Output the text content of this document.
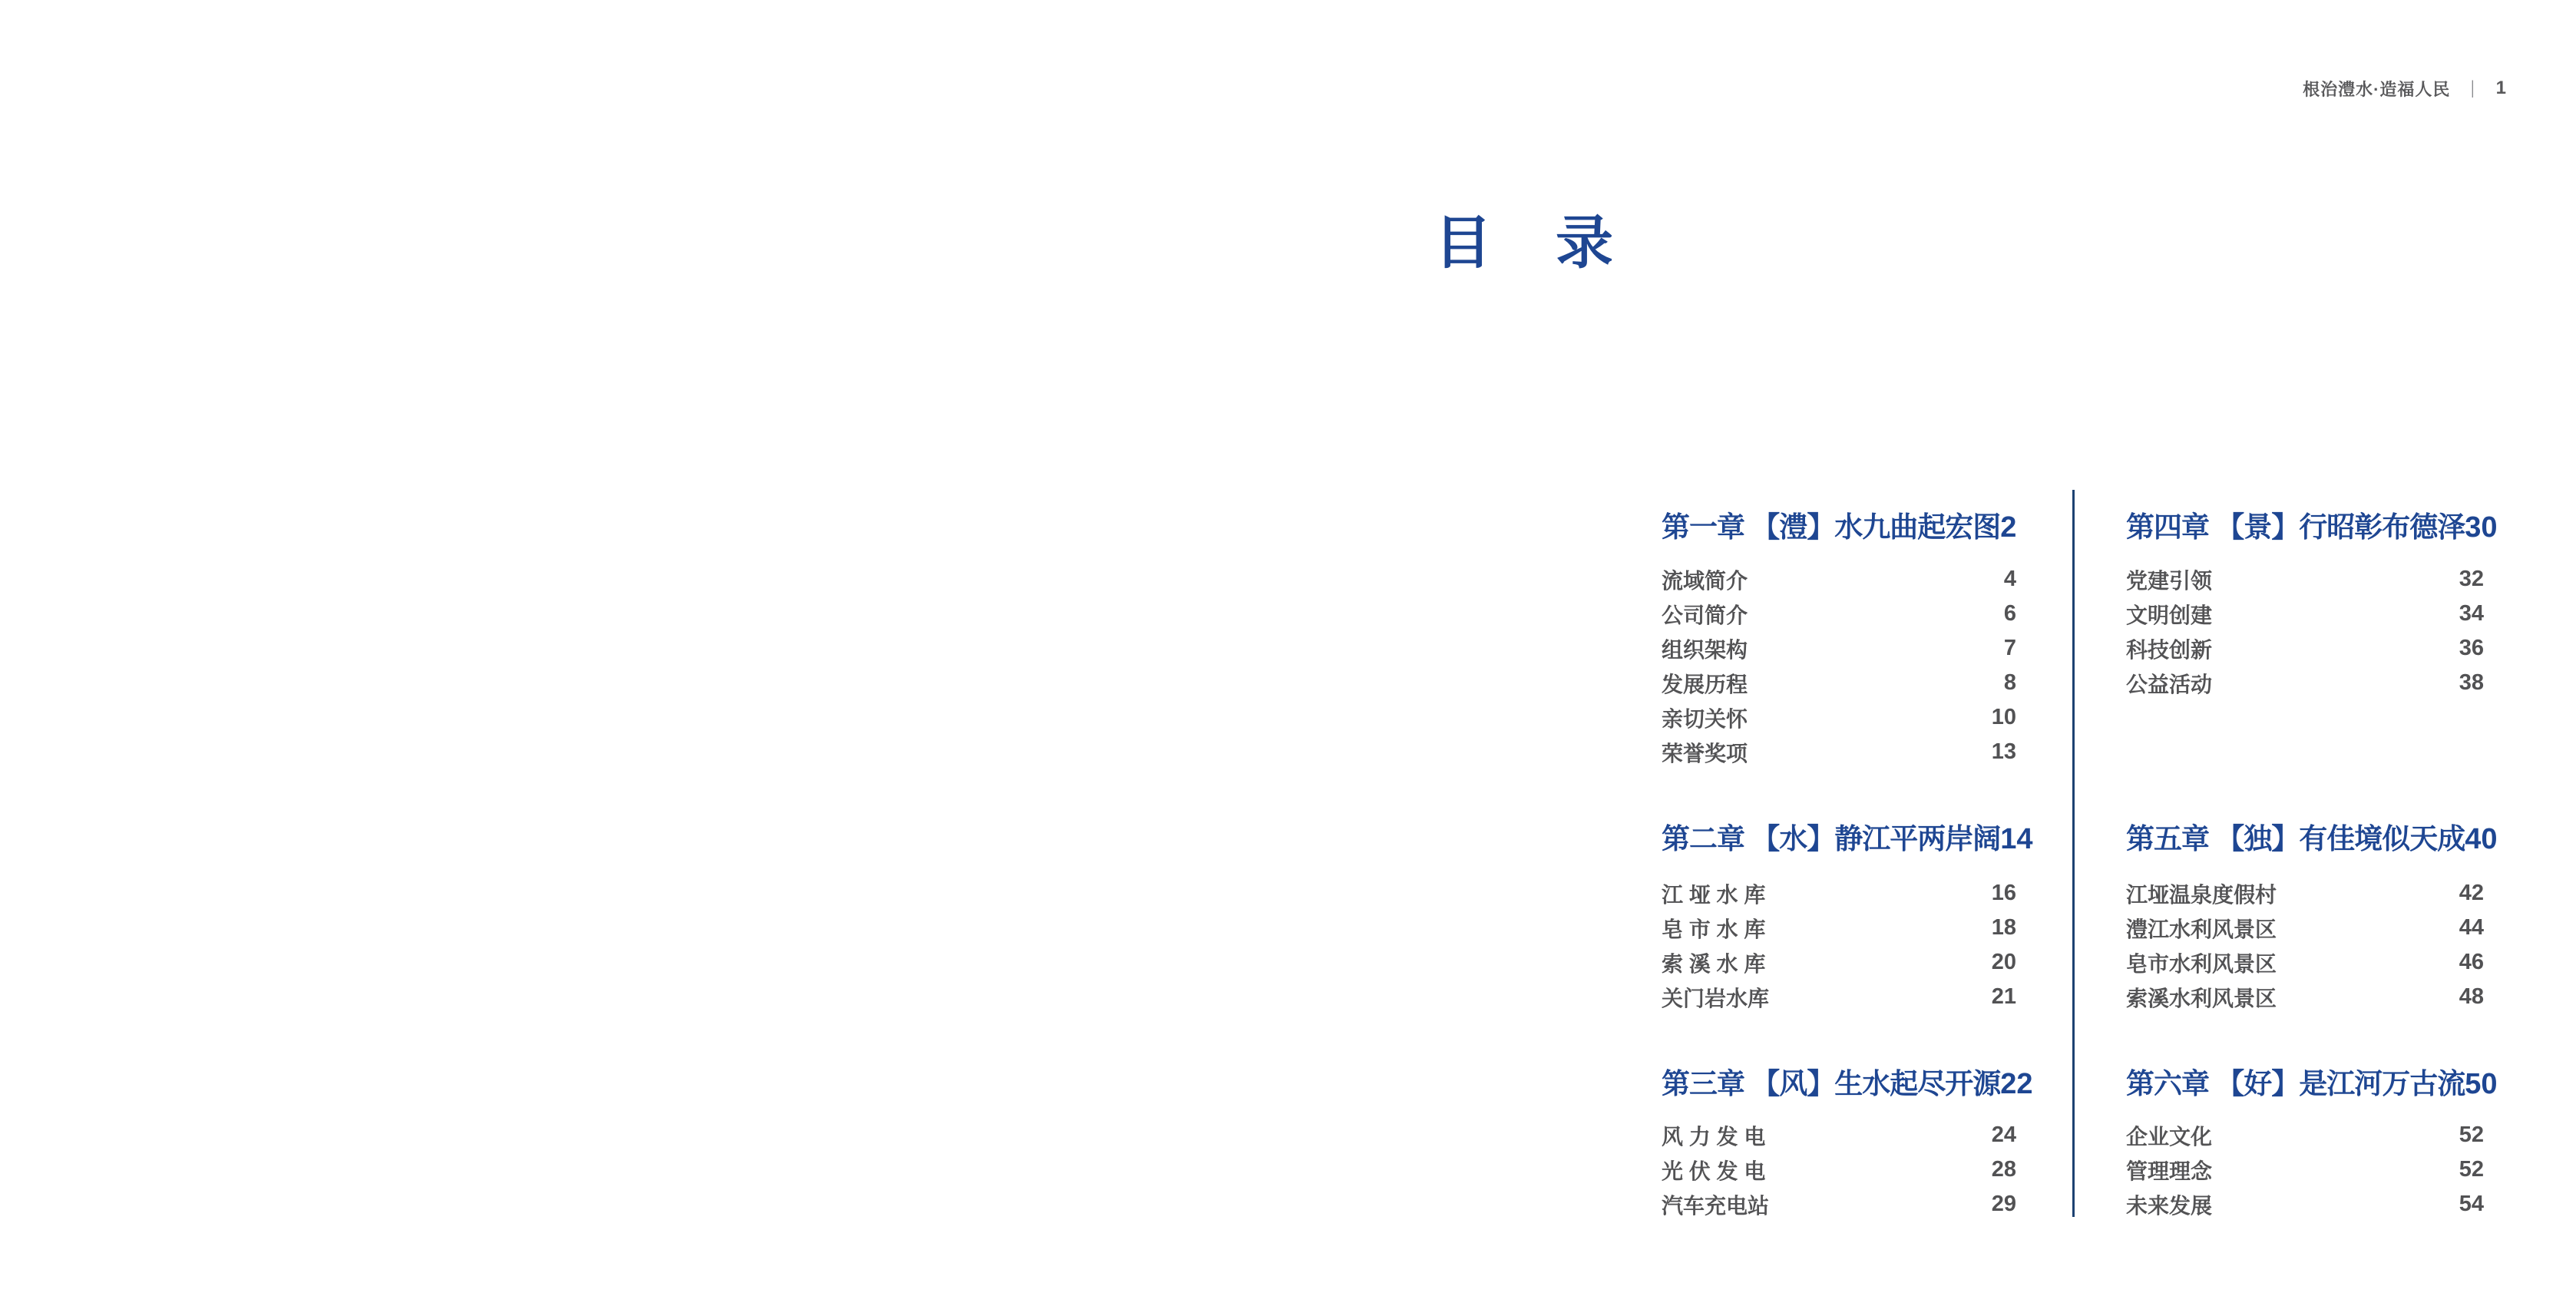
根治澧水·造福人民 | 1
目　录
第一章 【澧】水九曲起宏图 2
流域简介	4
公司简介	6
组织架构	7
发展历程	8
亲切关怀	10
荣誉奖项	13
第二章 【水】静江平两岸阔 14
江 垭 水 库	16
皂 市 水 库	18
索 溪 水 库	20
关门岩水库	21
第三章 【风】生水起尽开源 22
风 力 发 电	24
光 伏 发 电	28
汽车充电站	29
第四章 【景】行昭彰布德泽 30
党建引领	32
文明创建	34
科技创新	36
公益活动	38
第五章 【独】有佳境似天成 40
江垭温泉度假村	42
澧江水利风景区	44
皂市水利风景区	46
索溪水利风景区	48
第六章 【好】是江河万古流 50
企业文化	52
管理理念	52
未来发展	54
